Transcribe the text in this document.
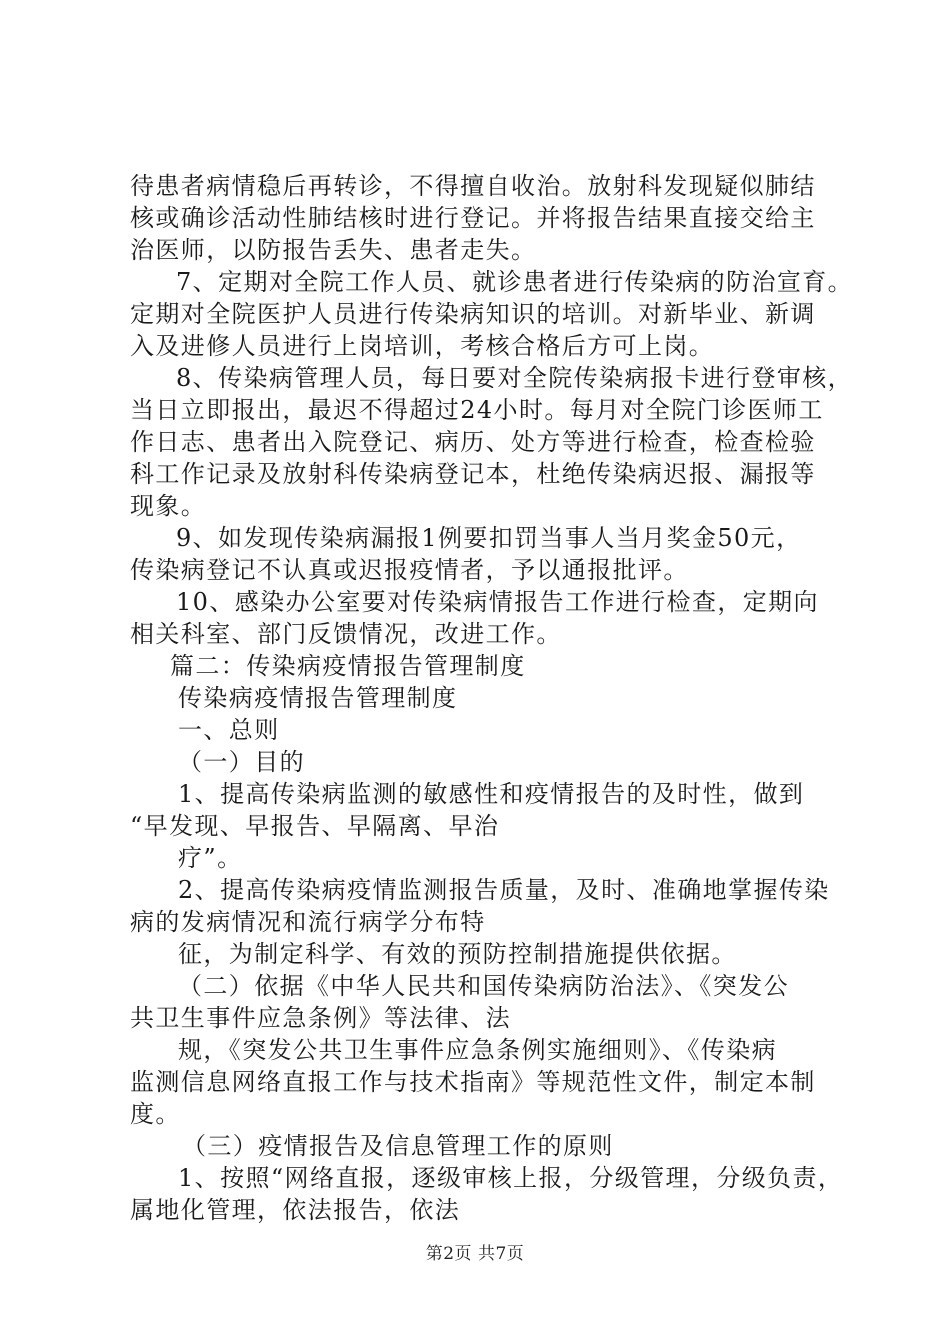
待患者病情稳后再转诊，不得擅自收治。放射科发现疑似肺结
核或确诊活动性肺结核时进行登记。并将报告结果直接交给主
治医师，以防报告丢失、患者走失。
7、定期对全院工作人员、就诊患者进行传染病的防治宣育。
定期对全院医护人员进行传染病知识的培训。对新毕业、新调
入及进修人员进行上岗培训，考核合格后方可上岗。
8、传染病管理人员，每日要对全院传染病报卡进行登审核，
当日立即报出，最迟不得超过24小时。每月对全院门诊医师工
作日志、患者出入院登记、病历、处方等进行检查，检查检验
科工作记录及放射科传染病登记本，杜绝传染病迟报、漏报等
现象。
9、如发现传染病漏报1例要扣罚当事人当月奖金50元，
传染病登记不认真或迟报疫情者，予以通报批评。
10、感染办公室要对传染病情报告工作进行检查，定期向
相关科室、部门反馈情况，改进工作。
篇二：传染病疫情报告管理制度
传染病疫情报告管理制度
一、总则
（一）目的
1、提高传染病监测的敏感性和疫情报告的及时性，做到
“早发现、早报告、早隔离、早治
疗”。
2、提高传染病疫情监测报告质量，及时、准确地掌握传染
病的发病情况和流行病学分布特
征，为制定科学、有效的预防控制措施提供依据。
（二）依据《中华人民共和国传染病防治法》、《突发公
共卫生事件应急条例》等法律、法
规，《突发公共卫生事件应急条例实施细则》、《传染病
监测信息网络直报工作与技术指南》等规范性文件，制定本制
度。
（三）疫情报告及信息管理工作的原则
1、按照“网络直报，逐级审核上报，分级管理，分级负责，
属地化管理，依法报告，依法
第2页 共7页
